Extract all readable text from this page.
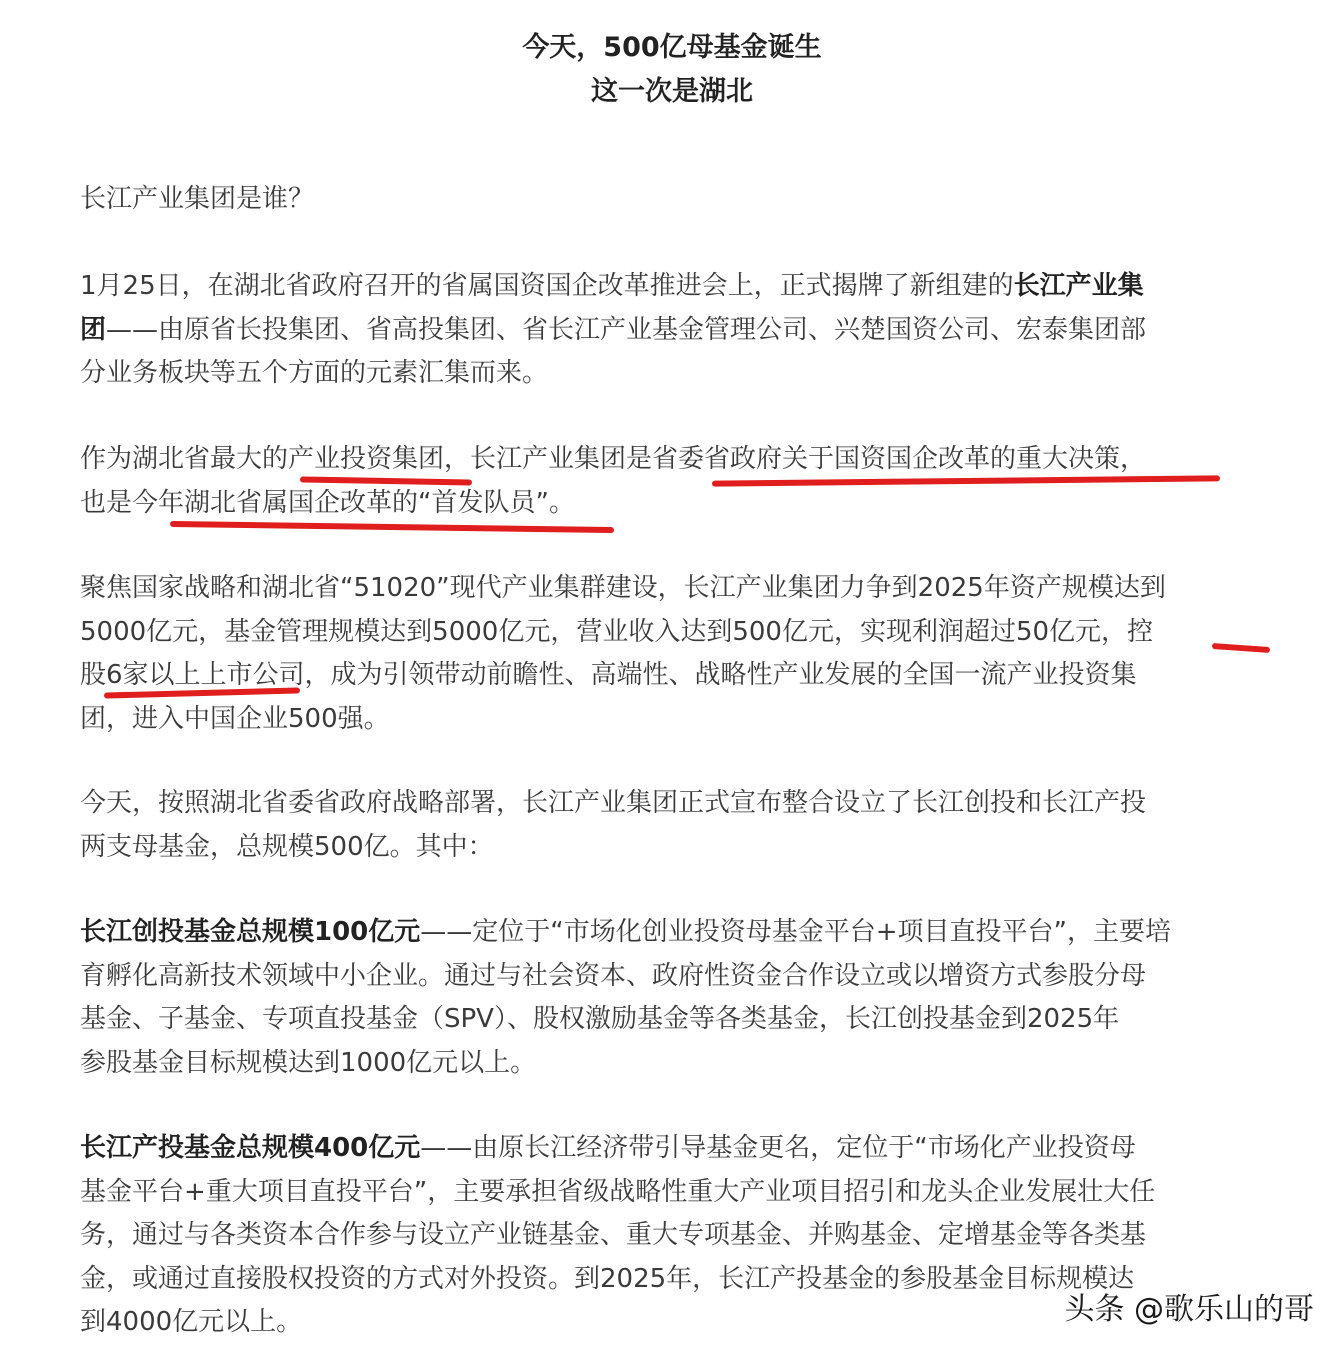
今天，500亿母基金诞生
这一次是湖北

长江产业集团是谁？

1月25日，在湖北省政府召开的省属国资国企改革推进会上，正式揭牌了新组建的长江产业集
团——由原省长投集团、省高投集团、省长江产业基金管理公司、兴楚国资公司、宏泰集团部
分业务板块等五个方面的元素汇集而来。

作为湖北省最大的产业投资集团，长江产业集团是省委省政府关于国资国企改革的重大决策，
也是今年湖北省属国企改革的“首发队员”。

聚焦国家战略和湖北省“51020”现代产业集群建设，长江产业集团力争到2025年资产规模达到
5000亿元，基金管理规模达到5000亿元，营业收入达到500亿元，实现利润超过50亿元，控
股6家以上上市公司，成为引领带动前瞻性、高端性、战略性产业发展的全国一流产业投资集
团，进入中国企业500强。

今天，按照湖北省委省政府战略部署，长江产业集团正式宣布整合设立了长江创投和长江产投
两支母基金，总规模500亿。其中：

长江创投基金总规模100亿元——定位于“市场化创业投资母基金平台+项目直投平台”，主要培
育孵化高新技术领域中小企业。通过与社会资本、政府性资金合作设立或以增资方式参股分母
基金、子基金、专项直投基金（SPV）、股权激励基金等各类基金，长江创投基金到2025年
参股基金目标规模达到1000亿元以上。

长江产投基金总规模400亿元——由原长江经济带引导基金更名，定位于“市场化产业投资母
基金平台+重大项目直投平台”，主要承担省级战略性重大产业项目招引和龙头企业发展壮大任
务，通过与各类资本合作参与设立产业链基金、重大专项基金、并购基金、定增基金等各类基
金，或通过直接股权投资的方式对外投资。到2025年，长江产投基金的参股基金目标规模达
到4000亿元以上。	头条 @歌乐山的哥
